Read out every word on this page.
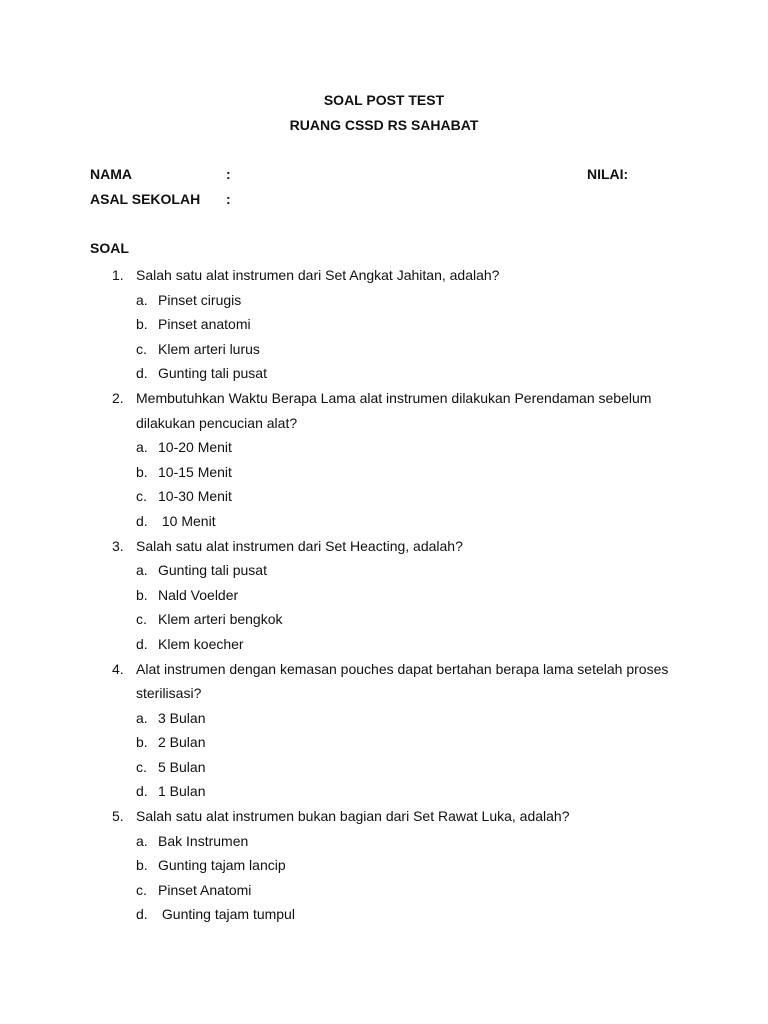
SOAL POST TEST
RUANG CSSD RS SAHABAT
NAMA	:	NILAI:
ASAL SEKOLAH :
SOAL
1. Salah satu alat instrumen dari Set Angkat Jahitan, adalah?
a. Pinset cirugis
b. Pinset anatomi
c. Klem arteri lurus
d. Gunting tali pusat
2. Membutuhkan Waktu Berapa Lama alat instrumen dilakukan Perendaman sebelum dilakukan pencucian alat?
a. 10-20 Menit
b. 10-15 Menit
c. 10-30 Menit
d. 10 Menit
3. Salah satu alat instrumen dari Set Heacting, adalah?
a. Gunting tali pusat
b. Nald Voelder
c. Klem arteri bengkok
d. Klem koecher
4. Alat instrumen dengan kemasan pouches dapat bertahan berapa lama setelah proses sterilisasi?
a. 3 Bulan
b. 2 Bulan
c. 5 Bulan
d. 1 Bulan
5. Salah satu alat instrumen bukan bagian dari Set Rawat Luka, adalah?
a. Bak Instrumen
b. Gunting tajam lancip
c. Pinset Anatomi
d. Gunting tajam tumpul
